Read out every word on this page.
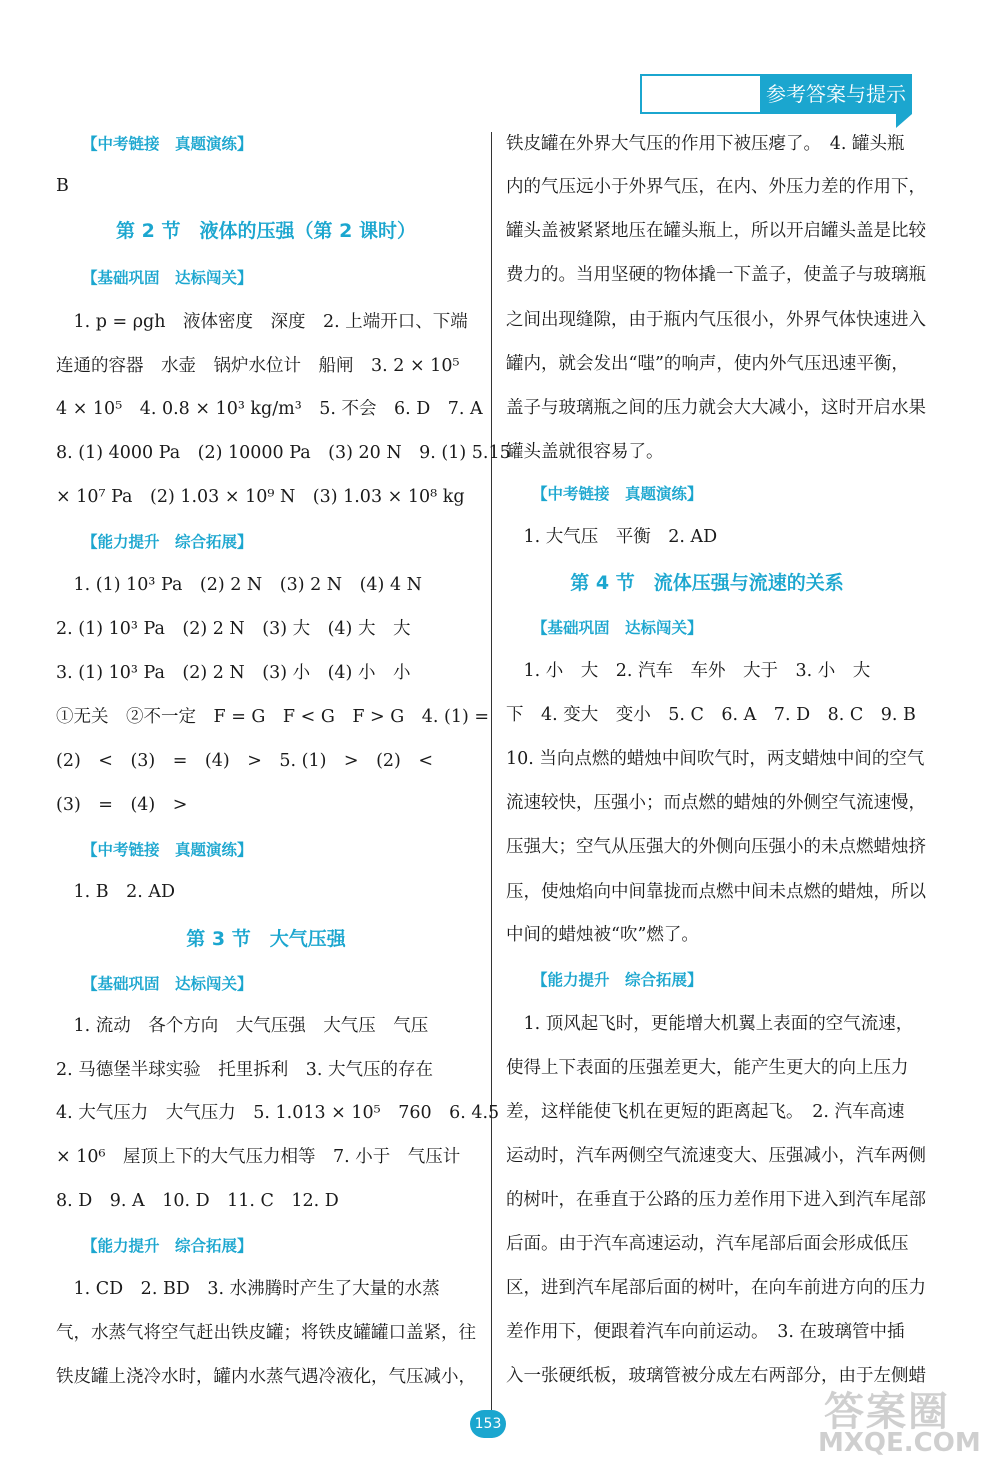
参考答案与提示
【中考链接　真题演练】
B
第 2 节　液体的压强（第 2 课时）
【基础巩固　达标闯关】
　1. p = ρgh　液体密度　深度　2. 上端开口、下端
连通的容器　水壶　锅炉水位计　船闸　3. 2 × 10⁵
4 × 10⁵　4. 0.8 × 10³ kg/m³　5. 不会　6. D　7. A
8. (1) 4000 Pa　(2) 10000 Pa　(3) 20 N　9. (1) 5.15
× 10⁷ Pa　(2) 1.03 × 10⁹ N　(3) 1.03 × 10⁸ kg
【能力提升　综合拓展】
　1. (1) 10³ Pa　(2) 2 N　(3) 2 N　(4) 4 N
2. (1) 10³ Pa　(2) 2 N　(3) 大　(4) 大　大
3. (1) 10³ Pa　(2) 2 N　(3) 小　(4) 小　小
①无关　②不一定　F = G　F < G　F > G　4. (1) =
(2)　<　(3)　=　(4)　>　5. (1)　>　(2)　<
(3)　=　(4)　>
【中考链接　真题演练】
　1. B　2. AD
第 3 节　大气压强
【基础巩固　达标闯关】
　1. 流动　各个方向　大气压强　大气压　气压
2. 马德堡半球实验　托里拆利　3. 大气压的存在
4. 大气压力　大气压力　5. 1.013 × 10⁵　760　6. 4.5
× 10⁶　屋顶上下的大气压力相等　7. 小于　气压计
8. D　9. A　10. D　11. C　12. D
【能力提升　综合拓展】
　1. CD　2. BD　3. 水沸腾时产生了大量的水蒸
气，水蒸气将空气赶出铁皮罐；将铁皮罐罐口盖紧，往
铁皮罐上浇冷水时，罐内水蒸气遇冷液化，气压减小，
铁皮罐在外界大气压的作用下被压瘪了。　4. 罐头瓶
内的气压远小于外界气压，在内、外压力差的作用下，
罐头盖被紧紧地压在罐头瓶上，所以开启罐头盖是比较
费力的。当用坚硬的物体撬一下盖子，使盖子与玻璃瓶
之间出现缝隙，由于瓶内气压很小，外界气体快速进入
罐内，就会发出“嗤”的响声，使内外气压迅速平衡，
盖子与玻璃瓶之间的压力就会大大减小，这时开启水果
罐头盖就很容易了。
【中考链接　真题演练】
　1. 大气压　平衡　2. AD
第 4 节　流体压强与流速的关系
【基础巩固　达标闯关】
　1. 小　大　2. 汽车　车外　大于　3. 小　大
下　4. 变大　变小　5. C　6. A　7. D　8. C　9. B
10. 当向点燃的蜡烛中间吹气时，两支蜡烛中间的空气
流速较快，压强小；而点燃的蜡烛的外侧空气流速慢，
压强大；空气从压强大的外侧向压强小的未点燃蜡烛挤
压，使烛焰向中间靠拢而点燃中间未点燃的蜡烛，所以
中间的蜡烛被“吹”燃了。
【能力提升　综合拓展】
　1. 顶风起飞时，更能增大机翼上表面的空气流速，
使得上下表面的压强差更大，能产生更大的向上压力
差，这样能使飞机在更短的距离起飞。　2. 汽车高速
运动时，汽车两侧空气流速变大、压强减小，汽车两侧
的树叶，在垂直于公路的压力差作用下进入到汽车尾部
后面。由于汽车高速运动，汽车尾部后面会形成低压
区，进到汽车尾部后面的树叶，在向车前进方向的压力
差作用下，便跟着汽车向前运动。　3. 在玻璃管中插
入一张硬纸板，玻璃管被分成左右两部分，由于左侧蜡
153	答案圈
MXQE.COM
